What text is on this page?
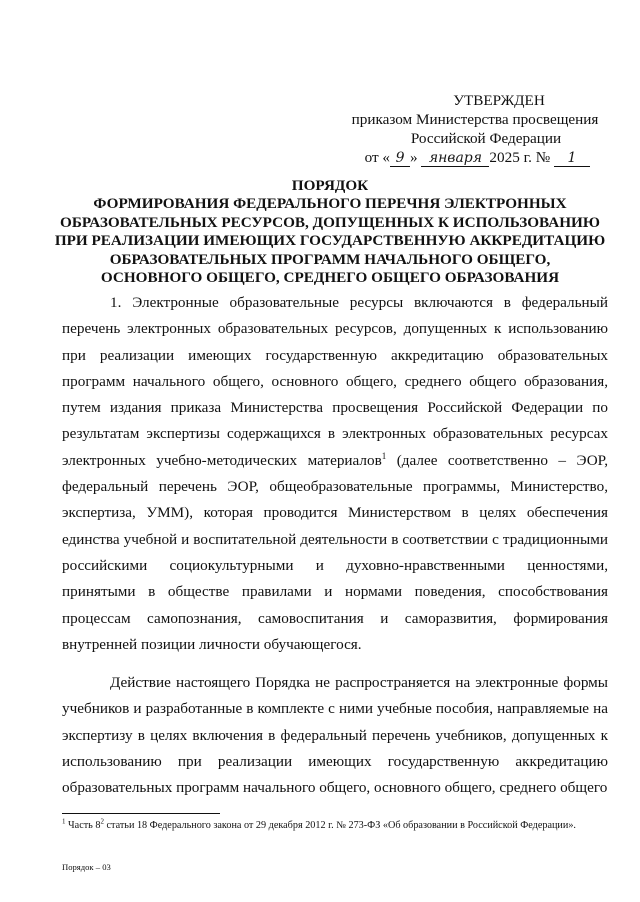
УТВЕРЖДЕН
приказом Министерства просвещения
Российской Федерации
от « 9 » января 2025 г. № 1
ПОРЯДОК
ФОРМИРОВАНИЯ ФЕДЕРАЛЬНОГО ПЕРЕЧНЯ ЭЛЕКТРОННЫХ
ОБРАЗОВАТЕЛЬНЫХ РЕСУРСОВ, ДОПУЩЕННЫХ К ИСПОЛЬЗОВАНИЮ
ПРИ РЕАЛИЗАЦИИ ИМЕЮЩИХ ГОСУДАРСТВЕННУЮ АККРЕДИТАЦИЮ
ОБРАЗОВАТЕЛЬНЫХ ПРОГРАММ НАЧАЛЬНОГО ОБЩЕГО,
ОСНОВНОГО ОБЩЕГО, СРЕДНЕГО ОБЩЕГО ОБРАЗОВАНИЯ

1. Электронные образовательные ресурсы включаются в федеральный перечень электронных образовательных ресурсов, допущенных к использованию при реализации имеющих государственную аккредитацию образовательных программ начального общего, основного общего, среднего общего образования, путем издания приказа Министерства просвещения Российской Федерации по результатам экспертизы содержащихся в электронных образовательных ресурсах электронных учебно-методических материалов$^1$ (далее соответственно – ЭОР, федеральный перечень ЭОР, общеобразовательные программы, Министерство, экспертиза, УММ), которая проводится Министерством в целях обеспечения единства учебной и воспитательной деятельности в соответствии с традиционными российскими социокультурными и духовно-нравственными ценностями, принятыми в обществе правилами и нормами поведения, способствования процессам самопознания, самовоспитания и саморазвития, формирования внутренней позиции личности обучающегося.

Действие настоящего Порядка не распространяется на электронные формы учебников и разработанные в комплекте с ними учебные пособия, направляемые на экспертизу в целях включения в федеральный перечень учебников, допущенных к использованию при реализации имеющих государственную аккредитацию образовательных программ начального общего, основного общего, среднего общего

$^1$ Часть $8^2$ статьи 18 Федерального закона от 29 декабря 2012 г. № 273-ФЗ «Об образовании в Российской Федерации».
Порядок – 03
